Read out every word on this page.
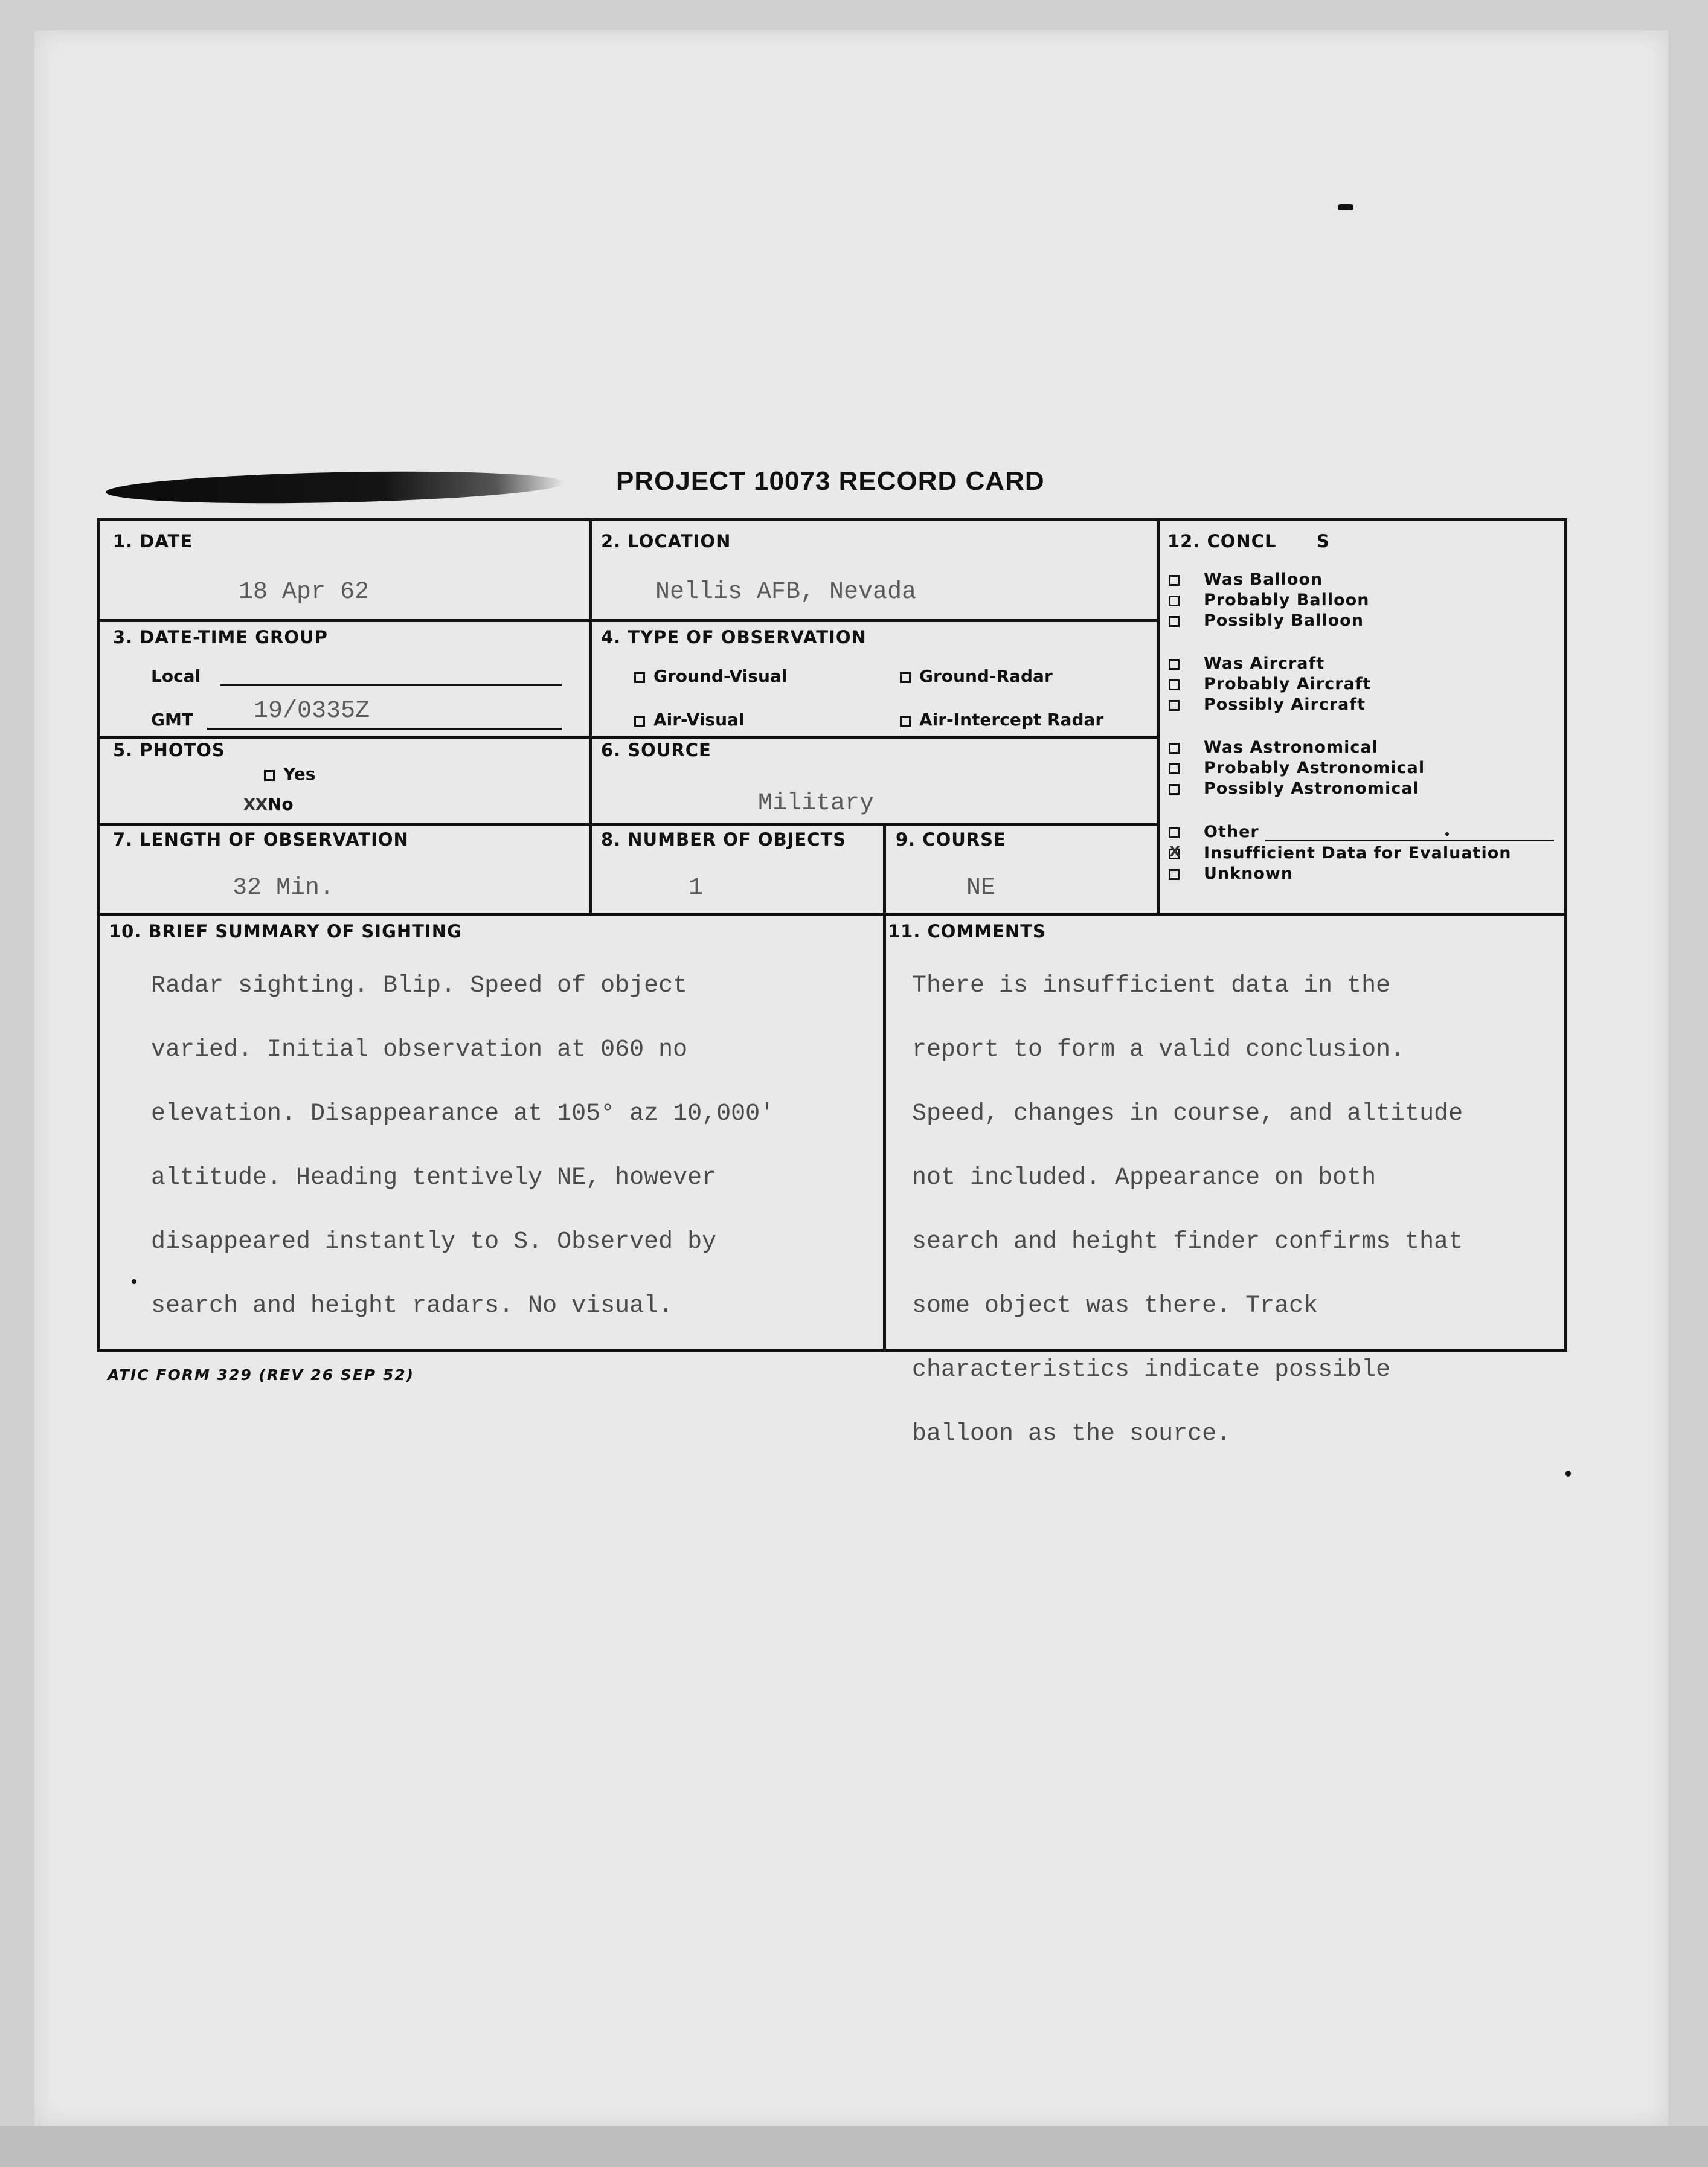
PROJECT 10073 RECORD CARD
1. DATE
18 Apr 62
2. LOCATION
Nellis AFB, Nevada
3. DATE-TIME GROUP
Local
GMT	19/0335Z
4. TYPE OF OBSERVATION
Ground-Visual	Ground-Radar
Air-Visual	Air-Intercept Radar
5. PHOTOS
Yes
XXNo
6. SOURCE
Military
7. LENGTH OF OBSERVATION
32 Min.
8. NUMBER OF OBJECTS
1
9. COURSE
NE
10. BRIEF SUMMARY OF SIGHTING

Radar sighting. Blip. Speed of object

varied. Initial observation at 060 no

elevation. Disappearance at 105° az 10,000'

altitude. Heading tentively NE, however

disappeared instantly to S. Observed by

search and height radars. No visual.

11. COMMENTS

There is insufficient data in the

report to form a valid conclusion.

Speed, changes in course, and altitude

not included. Appearance on both

search and height finder confirms that

some object was there. Track

characteristics indicate possible

balloon as the source.

12. CONCL      S
Was Balloon
Probably Balloon
Possibly Balloon
Was Aircraft
Probably Aircraft
Possibly Aircraft
Was Astronomical
Probably Astronomical
Possibly Astronomical
Other
X Insufficient Data for Evaluation
Unknown
ATIC FORM 329 (REV 26 SEP 52)
